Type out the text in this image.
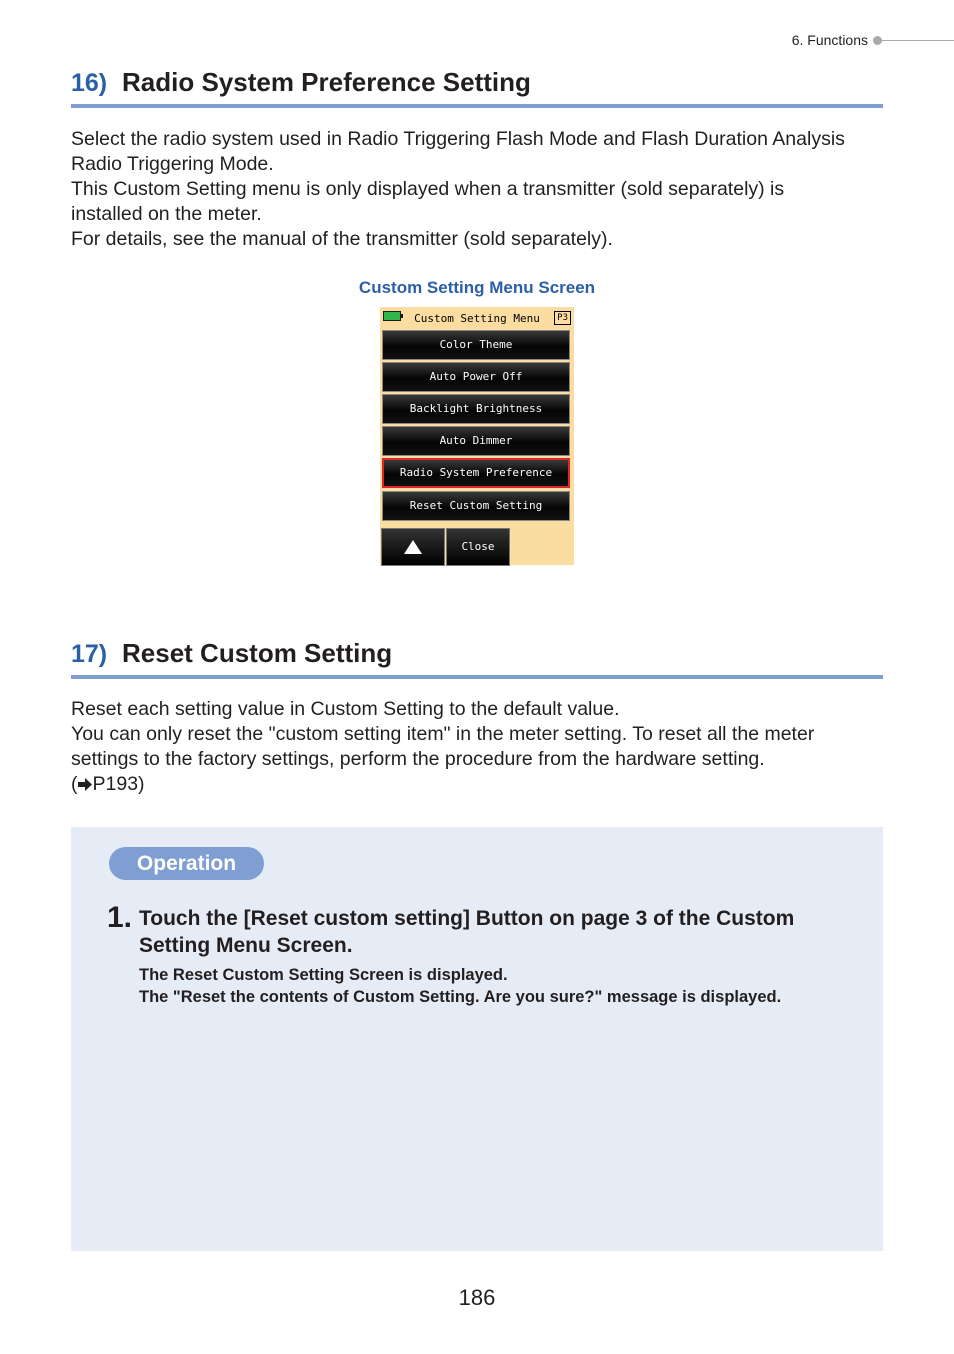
6. Functions
16) Radio System Preference Setting

Select the radio system used in Radio Triggering Flash Mode and Flash Duration Analysis Radio Triggering Mode.

This Custom Setting menu is only displayed when a transmitter (sold separately) is installed on the meter.

For details, see the manual of the transmitter (sold separately).

Custom Setting Menu Screen
Custom Setting Menu	P3
Color Theme
Auto Power Off
Backlight Brightness
Auto Dimmer
Radio System Preference
Reset Custom Setting
Close
17) Reset Custom Setting

Reset each setting value in Custom Setting to the default value.

You can only reset the "custom setting item" in the meter setting. To reset all the meter settings to the factory settings, perform the procedure from the hardware setting.

( P193)

Operation
1. Touch the [Reset custom setting] Button on page 3 of the Custom Setting Menu Screen.

The Reset Custom Setting Screen is displayed.

The "Reset the contents of Custom Setting. Are you sure?" message is displayed.

186
